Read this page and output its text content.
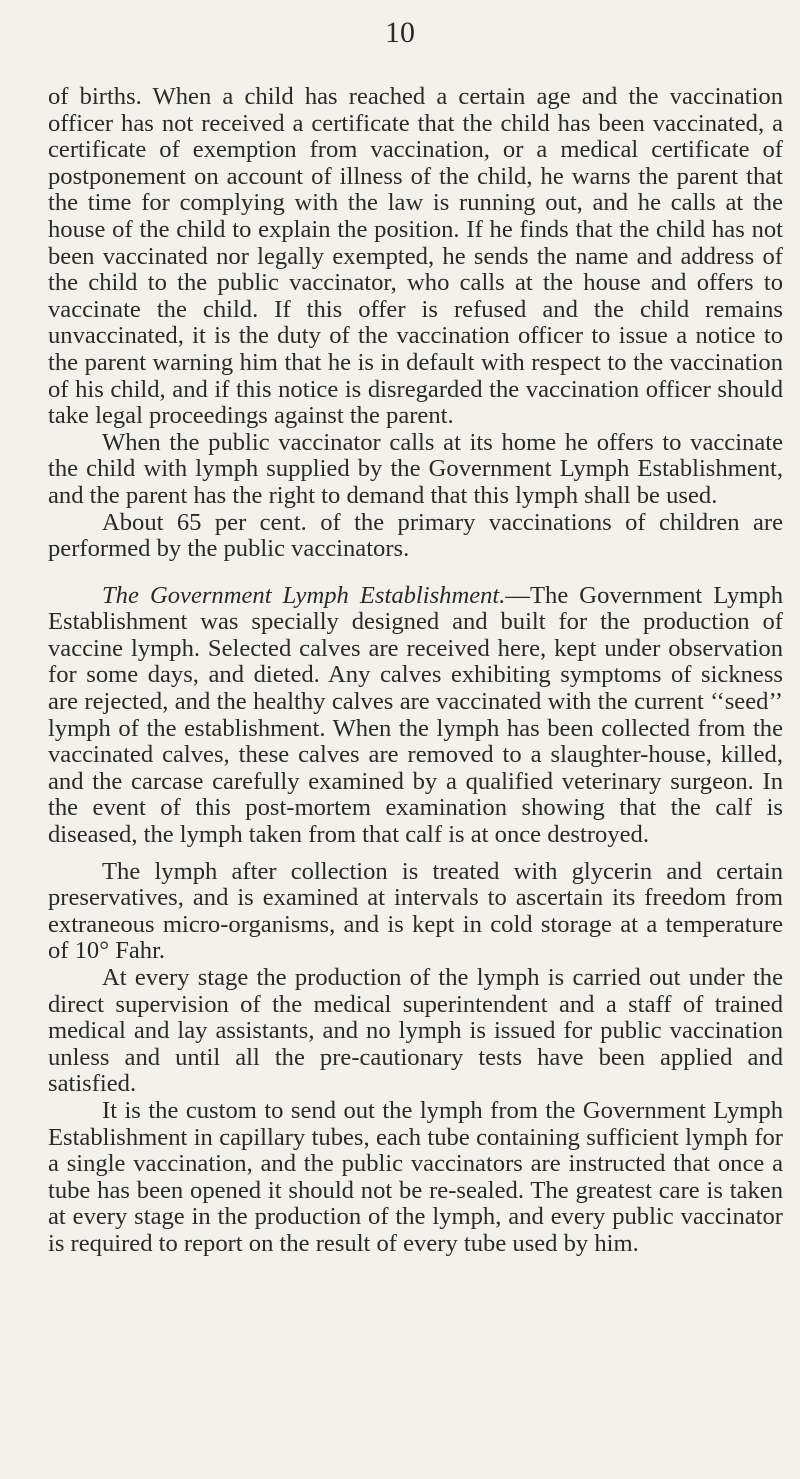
10

of births. When a child has reached a certain age and the vaccination officer has not received a certificate that the child has been vaccinated, a certificate of exemption from vaccination, or a medical certificate of postponement on account of illness of the child, he warns the parent that the time for complying with the law is running out, and he calls at the house of the child to explain the position. If he finds that the child has not been vaccinated nor legally exempted, he sends the name and address of the child to the public vaccinator, who calls at the house and offers to vaccinate the child. If this offer is refused and the child remains unvaccinated, it is the duty of the vaccination officer to issue a notice to the parent warning him that he is in default with respect to the vaccination of his child, and if this notice is disregarded the vaccination officer should take legal proceedings against the parent.

When the public vaccinator calls at its home he offers to vaccinate the child with lymph supplied by the Government Lymph Establishment, and the parent has the right to demand that this lymph shall be used.

About 65 per cent. of the primary vaccinations of children are performed by the public vaccinators.

The Government Lymph Establishment.—The Government Lymph Establishment was specially designed and built for the production of vaccine lymph. Selected calves are received here, kept under observation for some days, and dieted. Any calves exhibiting symptoms of sickness are rejected, and the healthy calves are vaccinated with the current ‘‘seed’’ lymph of the establishment. When the lymph has been collected from the vaccinated calves, these calves are removed to a slaughter-house, killed, and the carcase carefully examined by a qualified veterinary surgeon. In the event of this post-mortem examination showing that the calf is diseased, the lymph taken from that calf is at once destroyed.

The lymph after collection is treated with glycerin and certain preservatives, and is examined at intervals to ascertain its freedom from extraneous micro-organisms, and is kept in cold storage at a temperature of 10° Fahr.

At every stage the production of the lymph is carried out under the direct supervision of the medical superintendent and a staff of trained medical and lay assistants, and no lymph is issued for public vaccination unless and until all the pre-cautionary tests have been applied and satisfied.

It is the custom to send out the lymph from the Government Lymph Establishment in capillary tubes, each tube containing sufficient lymph for a single vaccination, and the public vaccinators are instructed that once a tube has been opened it should not be re-sealed. The greatest care is taken at every stage in the production of the lymph, and every public vaccinator is required to report on the result of every tube used by him.
